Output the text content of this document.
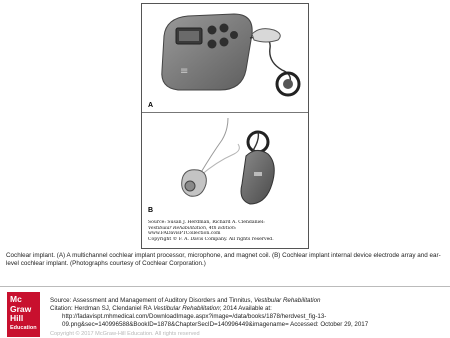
≡
A
B
Source: Susan J. Herdman, Richard A. Clendaniel:
Vestibular Rehabilitation, 4th Edition:
www.FADavisPTCollection.com
Copyright © F. A. Davis Company. All rights reserved.

Cochlear implant. (A) A multichannel cochlear implant processor, microphone, and magnet coil. (B) Cochlear implant internal device electrode array and ear-level cochlear implant. (Photographs courtesy of Cochlear Corporation.)

Mc
Graw
Hill
Education
Source: Assessment and Management of Auditory Disorders and Tinnitus, Vestibular Rehabilitation
Citation: Herdman SJ, Clendaniel RA Vestibular Rehabilitation; 2014 Available at:
http://fadavispt.mhmedical.com/DownloadImage.aspx?image=/data/books/1878/herdvest_fig-13-
09.png&sec=140996588&BookID=1878&ChapterSecID=140996449&imagename= Accessed: October 29, 2017
Copyright © 2017 McGraw-Hill Education. All rights reserved
